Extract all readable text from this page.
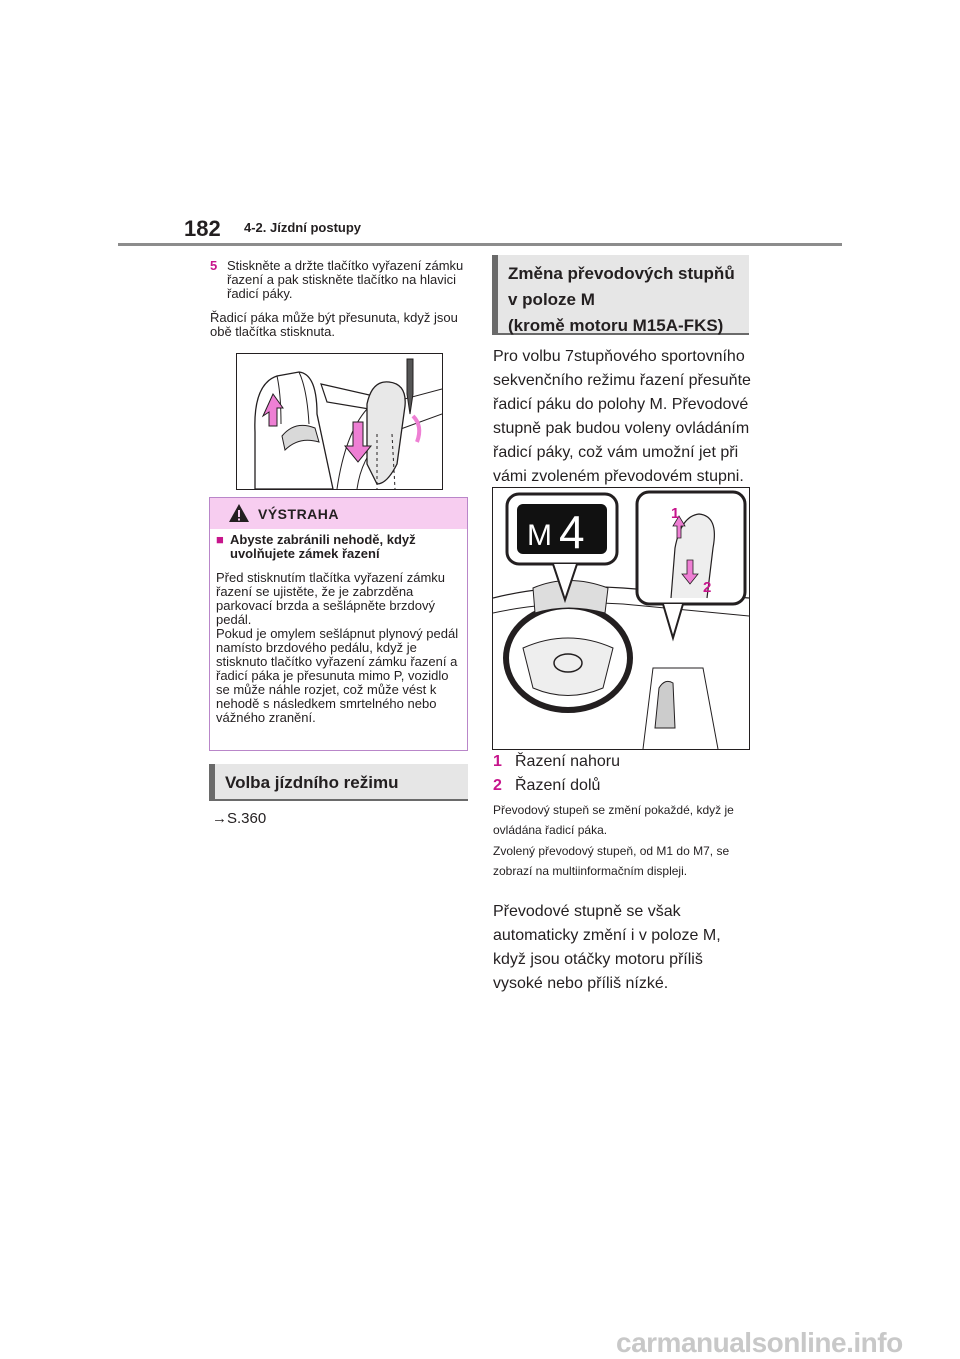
182 4-2. Jízdní postupy
5 Stiskněte a držte tlačítko vyřazení zámku řazení a pak stiskněte tlačítko na hlavici řadicí páky.
Řadicí páka může být přesunuta, když jsou obě tlačítka stisknuta.
VÝSTRAHA
■ Abyste zabránili nehodě, když uvolňujete zámek řazení
Před stisknutím tlačítka vyřazení zámku řazení se ujistěte, že je zabrzděna parkovací brzda a sešlápněte brzdový pedál.
Pokud je omylem sešlápnut plynový pedál namísto brzdového pedálu, když je stisknuto tlačítko vyřazení zámku řazení a řadicí páka je přesunuta mimo P, vozidlo se může náhle rozjet, což může vést k nehodě s následkem smrtelného nebo vážného zranění.
Volba jízdního režimu
→S.360
Změna převodových stupňů
v poloze M
(kromě motoru M15A-FKS)
Pro volbu 7stupňového sportovního sekvenčního režimu řazení přesuňte řadicí páku do polohy M. Převodové stupně pak budou voleny ovládáním řadicí páky, což vám umožní jet při vámi zvoleném převodovém stupni.
M 4	1
2
1 Řazení nahoru
2 Řazení dolů
Převodový stupeň se změní pokaždé, když je ovládána řadicí páka.
Zvolený převodový stupeň, od M1 do M7, se zobrazí na multiinformačním displeji.
Převodové stupně se však automaticky změní i v poloze M, když jsou otáčky motoru příliš vysoké nebo příliš nízké.
carmanualsonline.info
